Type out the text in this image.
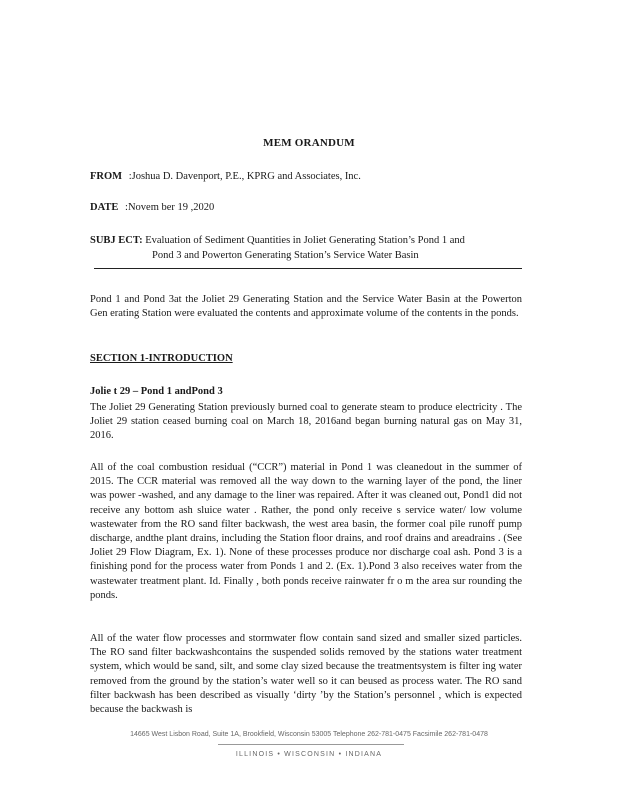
MEM ORANDUM
FROM :Joshua D. Davenport, P.E., KPRG and Associates, Inc.
DATE :Novem ber 19 ,2020
SUBJ ECT: Evaluation of Sediment Quantities in Joliet Generating Station’s Pond 1 and
Pond 3 and Powerton Generating Station’s Service Water Basin
Pond 1 and Pond 3at the Joliet 29 Generating Station and the Service Water Basin at the Powerton Gen erating Station were evaluated the contents and approximate volume of the contents in the ponds.
SECTION 1-INTRODUCTION
Jolie t 29 – Pond 1 andPond 3
The Joliet 29 Generating Station previously burned coal to generate steam to produce electricity . The Joliet 29 station ceased burning coal on March 18, 2016and began burning natural gas on May 31, 2016.
All of the coal combustion residual (“CCR”) material in Pond 1 was cleanedout in the summer of 2015. The CCR material was removed all the way down to the warning layer of the pond, the liner was power -washed, and any damage to the liner was repaired. After it was cleaned out, Pond1 did not receive any bottom ash sluice water . Rather, the pond only receive s service water/ low volume wastewater from the RO sand filter backwash, the west area basin, the former coal pile runoff pump discharge, andthe plant drains, including the Station floor drains, and roof drains and areadrains . (See Joliet 29 Flow Diagram, Ex. 1). None of these processes produce nor discharge coal ash. Pond 3 is a finishing pond for the process water from Ponds 1 and 2. (Ex. 1).Pond 3 also receives water from the wastewater treatment plant. Id. Finally , both ponds receive rainwater fr o m the area sur rounding the ponds.
All of the water flow processes and stormwater flow contain sand sized and smaller sized particles. The RO sand filter backwashcontains the suspended solids removed by the stations water treatment system, which would be sand, silt, and some clay sized because the treatmentsystem is filter ing water removed from the ground by the station’s water well so it can beused as process water. The RO sand filter backwash has been described as visually ‘dirty ’by the Station’s personnel , which is expected because the backwash is
14665 West Lisbon Road, Suite 1A, Brookfield, Wisconsin 53005 Telephone 262-781-0475 Facsimile 262-781-0478
ILLINOIS • WISCONSIN • INDIANA
